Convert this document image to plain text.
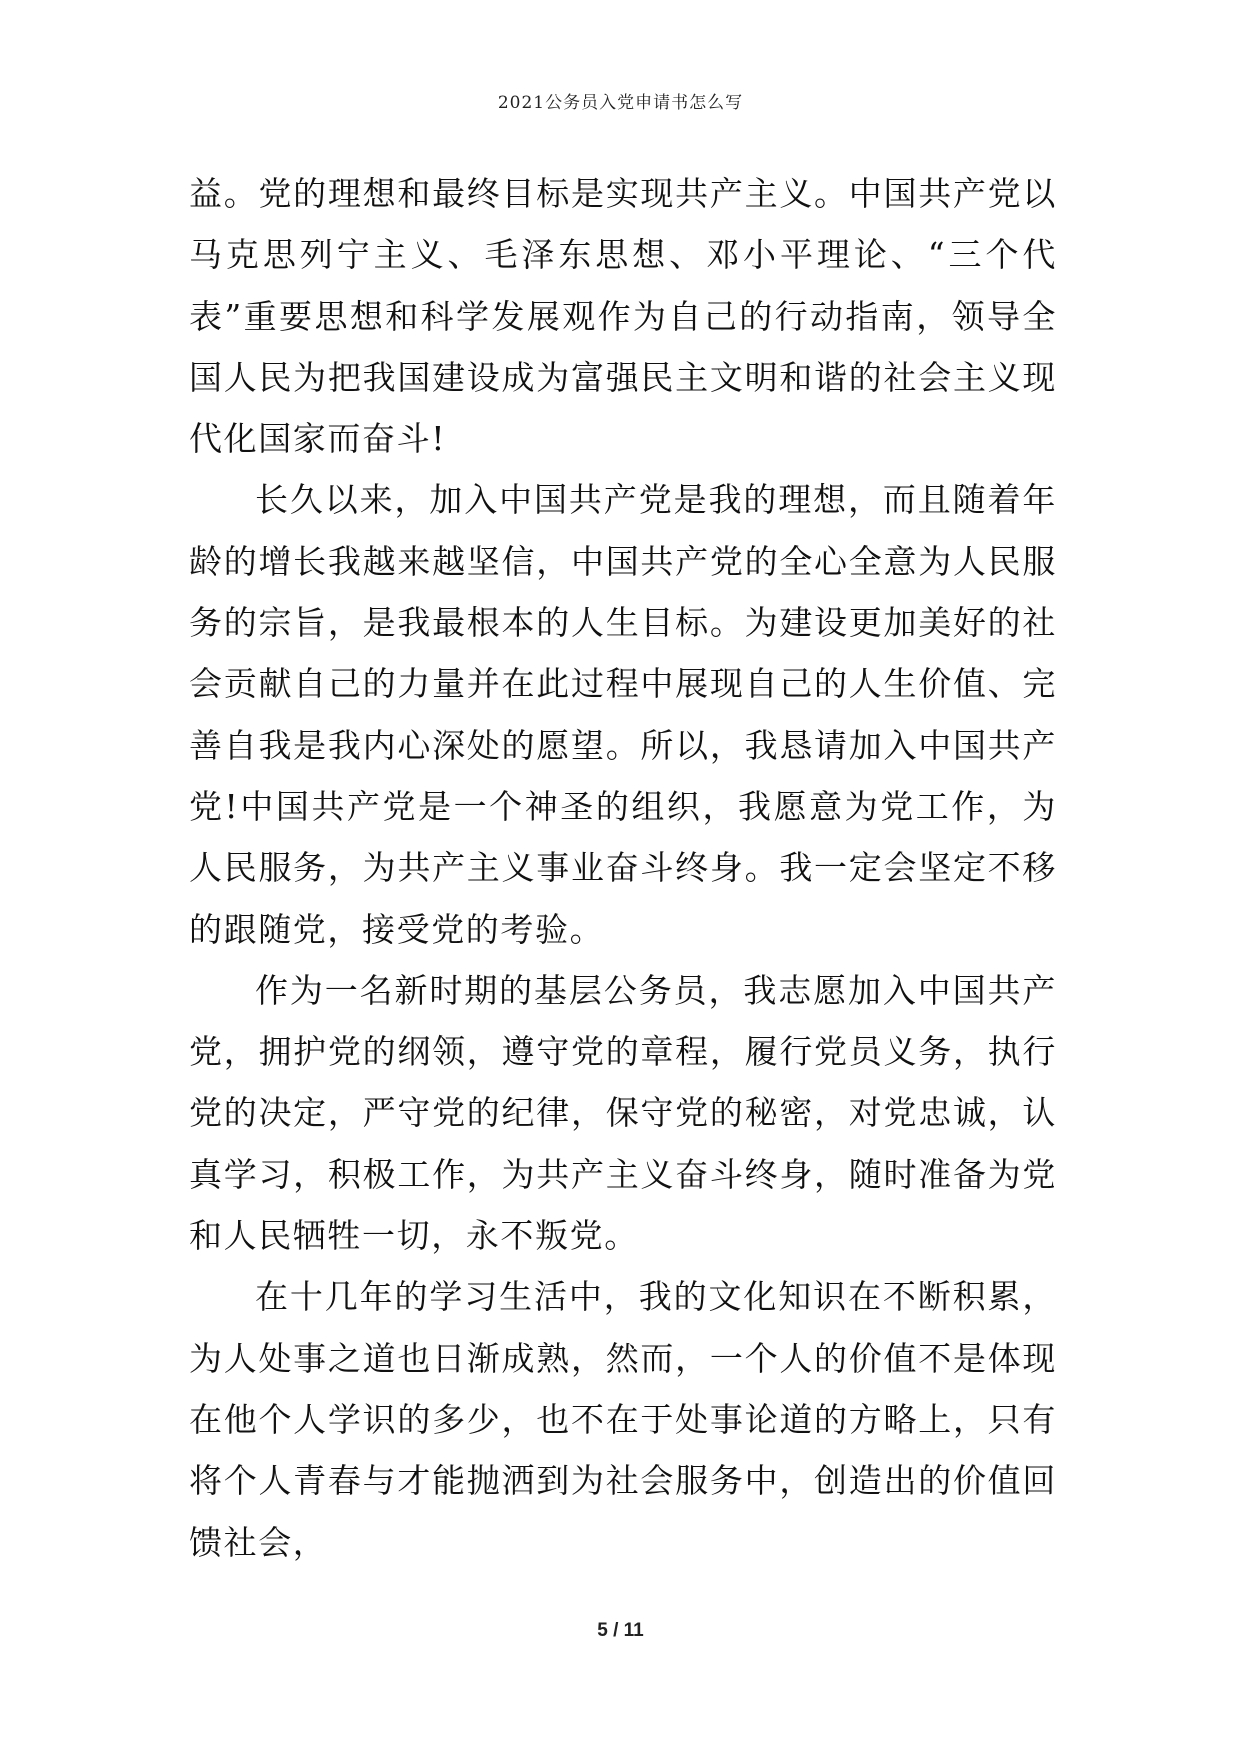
2021公务员入党申请书怎么写

益。党的理想和最终目标是实现共产主义。中国共产党以马克思列宁主义、毛泽东思想、邓小平理论、“三个代表”重要思想和科学发展观作为自己的行动指南，领导全国人民为把我国建设成为富强民主文明和谐的社会主义现代化国家而奋斗!

长久以来，加入中国共产党是我的理想，而且随着年龄的增长我越来越坚信，中国共产党的全心全意为人民服务的宗旨，是我最根本的人生目标。为建设更加美好的社会贡献自己的力量并在此过程中展现自己的人生价值、完善自我是我内心深处的愿望。所以，我恳请加入中国共产党!中国共产党是一个神圣的组织，我愿意为党工作，为人民服务，为共产主义事业奋斗终身。我一定会坚定不移的跟随党，接受党的考验。

作为一名新时期的基层公务员，我志愿加入中国共产党，拥护党的纲领，遵守党的章程，履行党员义务，执行党的决定，严守党的纪律，保守党的秘密，对党忠诚，认真学习，积极工作，为共产主义奋斗终身，随时准备为党和人民牺牲一切，永不叛党。

在十几年的学习生活中，我的文化知识在不断积累，为人处事之道也日渐成熟，然而，一个人的价值不是体现在他个人学识的多少，也不在于处事论道的方略上，只有将个人青春与才能抛洒到为社会服务中，创造出的价值回馈社会，

5 / 11
